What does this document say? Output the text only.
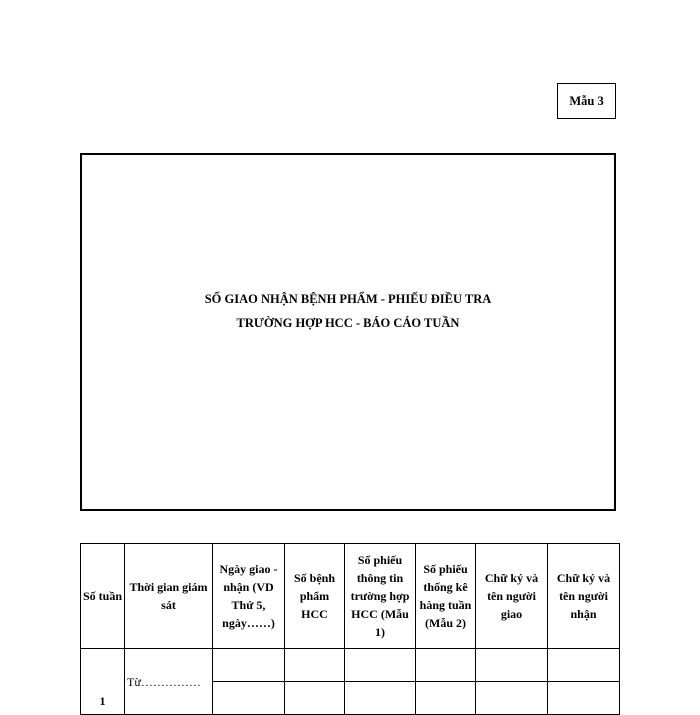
Mẫu 3
SỐ GIAO NHẬN BỆNH PHẨM - PHIẾU ĐIỀU TRA
TRƯỜNG HỢP HCC - BÁO CÁO TUẦN
Số tuần	Thời gian giám sát	Ngày giao - nhận (VD Thứ 5, ngày……)	Số bệnh phẩm HCC	Số phiếu thông tin trường hợp HCC (Mẫu 1)	Số phiếu thống kê hàng tuần (Mẫu 2)	Chữ ký và tên người giao	Chữ ký và tên người nhận
1	Từ……………						
